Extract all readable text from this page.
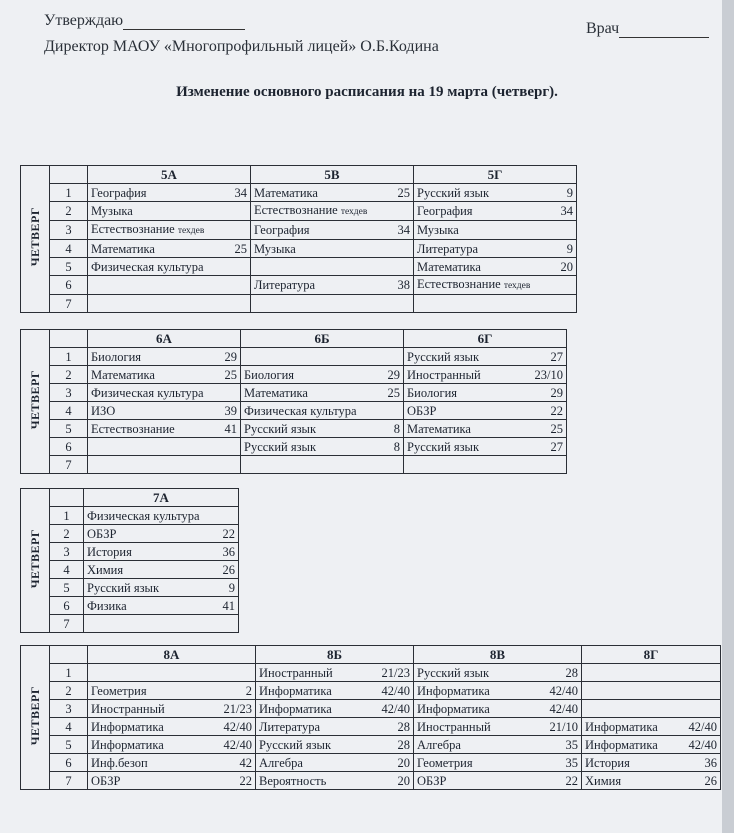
Утверждаю
Директор МАОУ «Многопрофильный лицей» О.Б.Кодина
Врач
Изменение основного расписания на 19 марта (четверг).
ЧЕТВЕРГ		5А	5В	5Г
	1	География 34	Математика 25	Русский язык 9

	2	Музыка	Естествознание техдев	География 34

	3	Естествознание техдев	География 34	Музыка

	4	Математика 25	Музыка	Литература 9

	5	Физическая культура		Математика 20

	6		Литература 38	Естествознание техдев

	7	

ЧЕТВЕРГ		6А	6Б	6Г
	1	Биология 29		Русский язык 27

	2	Математика 25	Биология 29	Иностранный 23/10

	3	Физическая культура	Математика 25	Биология 29

	4	ИЗО 39	Физическая культура	ОБЗР 22

	5	Естествознание 41	Русский язык 8	Математика 25

	6		Русский язык 8	Русский язык 27

	7	

ЧЕТВЕРГ		7А
	1	Физическая культура

	2	ОБЗР 22

	3	История 36

	4	Химия 26

	5	Русский язык 9

	6	Физика 41

	7	
ЧЕТВЕРГ		8А	8Б	8В	8Г
	1		Иностранный 21/23	Русский язык 28	

	2	Геометрия 2	Информатика 42/40	Информатика 42/40	

	3	Иностранный 21/23	Информатика 42/40	Информатика 42/40	

	4	Информатика 42/40	Литература 28	Иностранный 21/10	Информатика 42/40

	5	Информатика 42/40	Русский язык 28	Алгебра 35	Информатика 42/40

	6	Инф.безоп 42	Алгебра 20	Геометрия 35	История 36

	7	ОБЗР 22	Вероятность 20	ОБЗР 22	Химия 26
